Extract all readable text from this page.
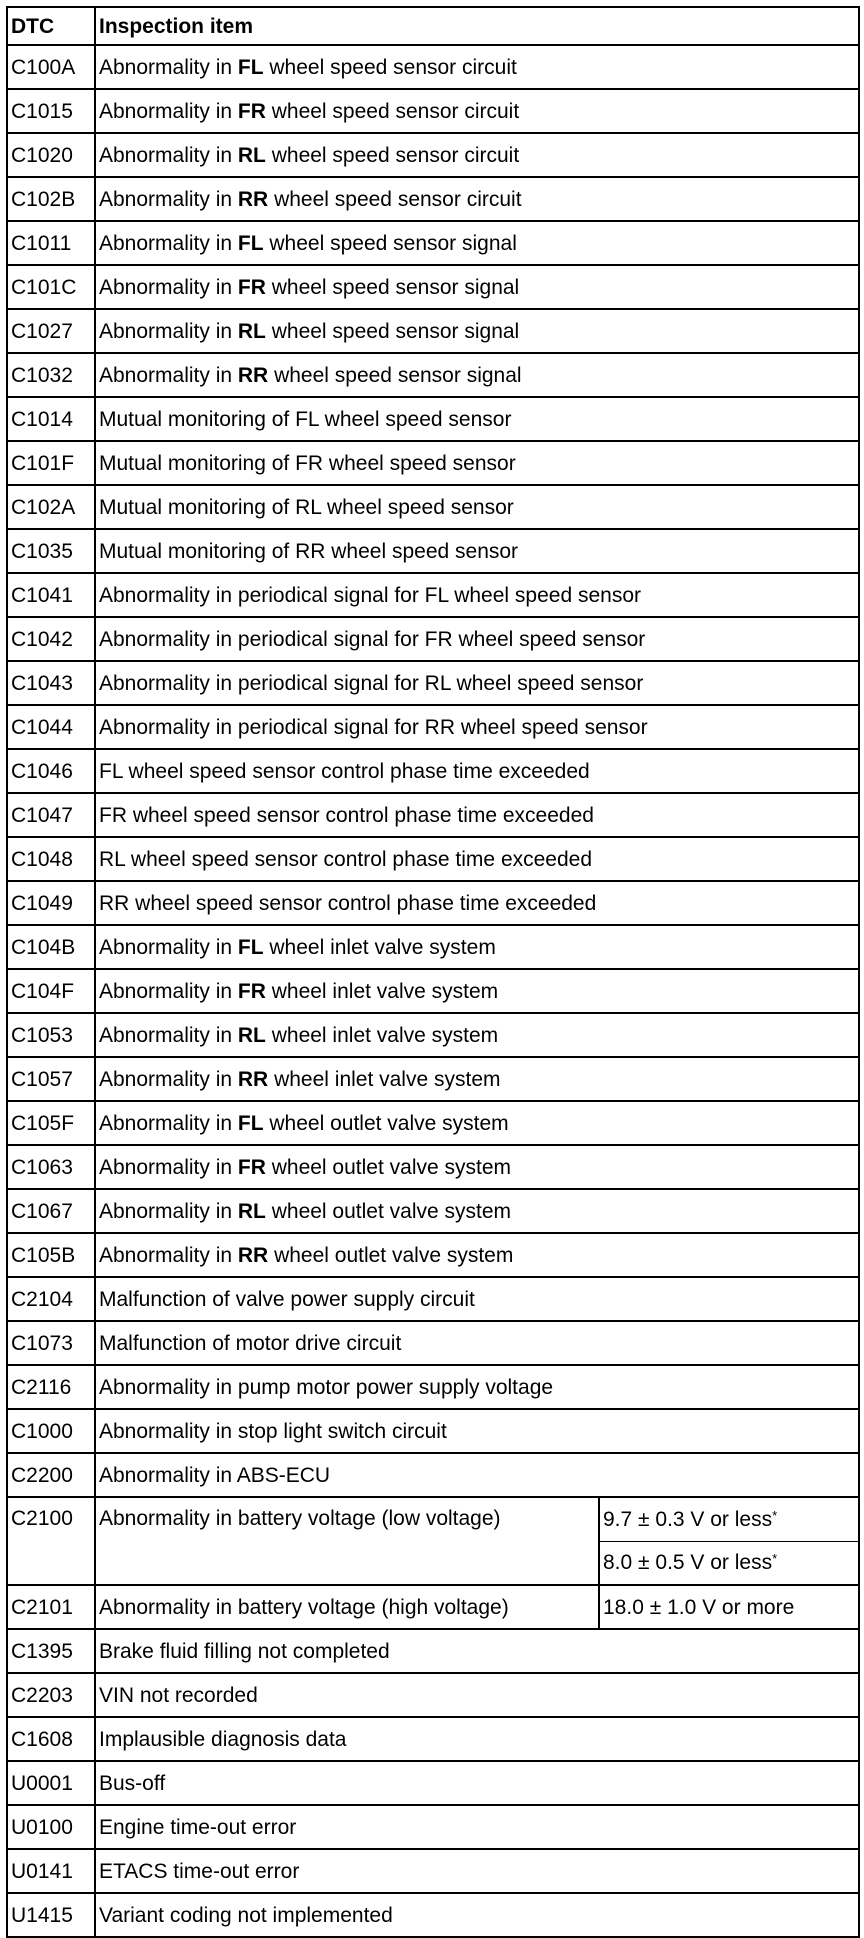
DTC	Inspection item	
C100A	Abnormality in FL wheel speed sensor circuit	
C1015	Abnormality in FR wheel speed sensor circuit	
C1020	Abnormality in RL wheel speed sensor circuit	
C102B	Abnormality in RR wheel speed sensor circuit	
C1011	Abnormality in FL wheel speed sensor signal	
C101C	Abnormality in FR wheel speed sensor signal	
C1027	Abnormality in RL wheel speed sensor signal	
C1032	Abnormality in RR wheel speed sensor signal	
C1014	Mutual monitoring of FL wheel speed sensor	
C101F	Mutual monitoring of FR wheel speed sensor	
C102A	Mutual monitoring of RL wheel speed sensor	
C1035	Mutual monitoring of RR wheel speed sensor	
C1041	Abnormality in periodical signal for FL wheel speed sensor	
C1042	Abnormality in periodical signal for FR wheel speed sensor	
C1043	Abnormality in periodical signal for RL wheel speed sensor	
C1044	Abnormality in periodical signal for RR wheel speed sensor	
C1046	FL wheel speed sensor control phase time exceeded	
C1047	FR wheel speed sensor control phase time exceeded	
C1048	RL wheel speed sensor control phase time exceeded	
C1049	RR wheel speed sensor control phase time exceeded	
C104B	Abnormality in FL wheel inlet valve system	
C104F	Abnormality in FR wheel inlet valve system	
C1053	Abnormality in RL wheel inlet valve system	
C1057	Abnormality in RR wheel inlet valve system	
C105F	Abnormality in FL wheel outlet valve system	
C1063	Abnormality in FR wheel outlet valve system	
C1067	Abnormality in RL wheel outlet valve system	
C105B	Abnormality in RR wheel outlet valve system	
C2104	Malfunction of valve power supply circuit	
C1073	Malfunction of motor drive circuit	
C2116	Abnormality in pump motor power supply voltage	
C1000	Abnormality in stop light switch circuit	
C2200	Abnormality in ABS-ECU	
C2100	Abnormality in battery voltage (low voltage)	9.7 ± 0.3 V or less*
		8.0 ± 0.5 V or less*
C2101	Abnormality in battery voltage (high voltage)	18.0 ± 1.0 V or more
C1395	Brake fluid filling not completed	
C2203	VIN not recorded	
C1608	Implausible diagnosis data	
U0001	Bus-off	
U0100	Engine time-out error	
U0141	ETACS time-out error	
U1415	Variant coding not implemented	
